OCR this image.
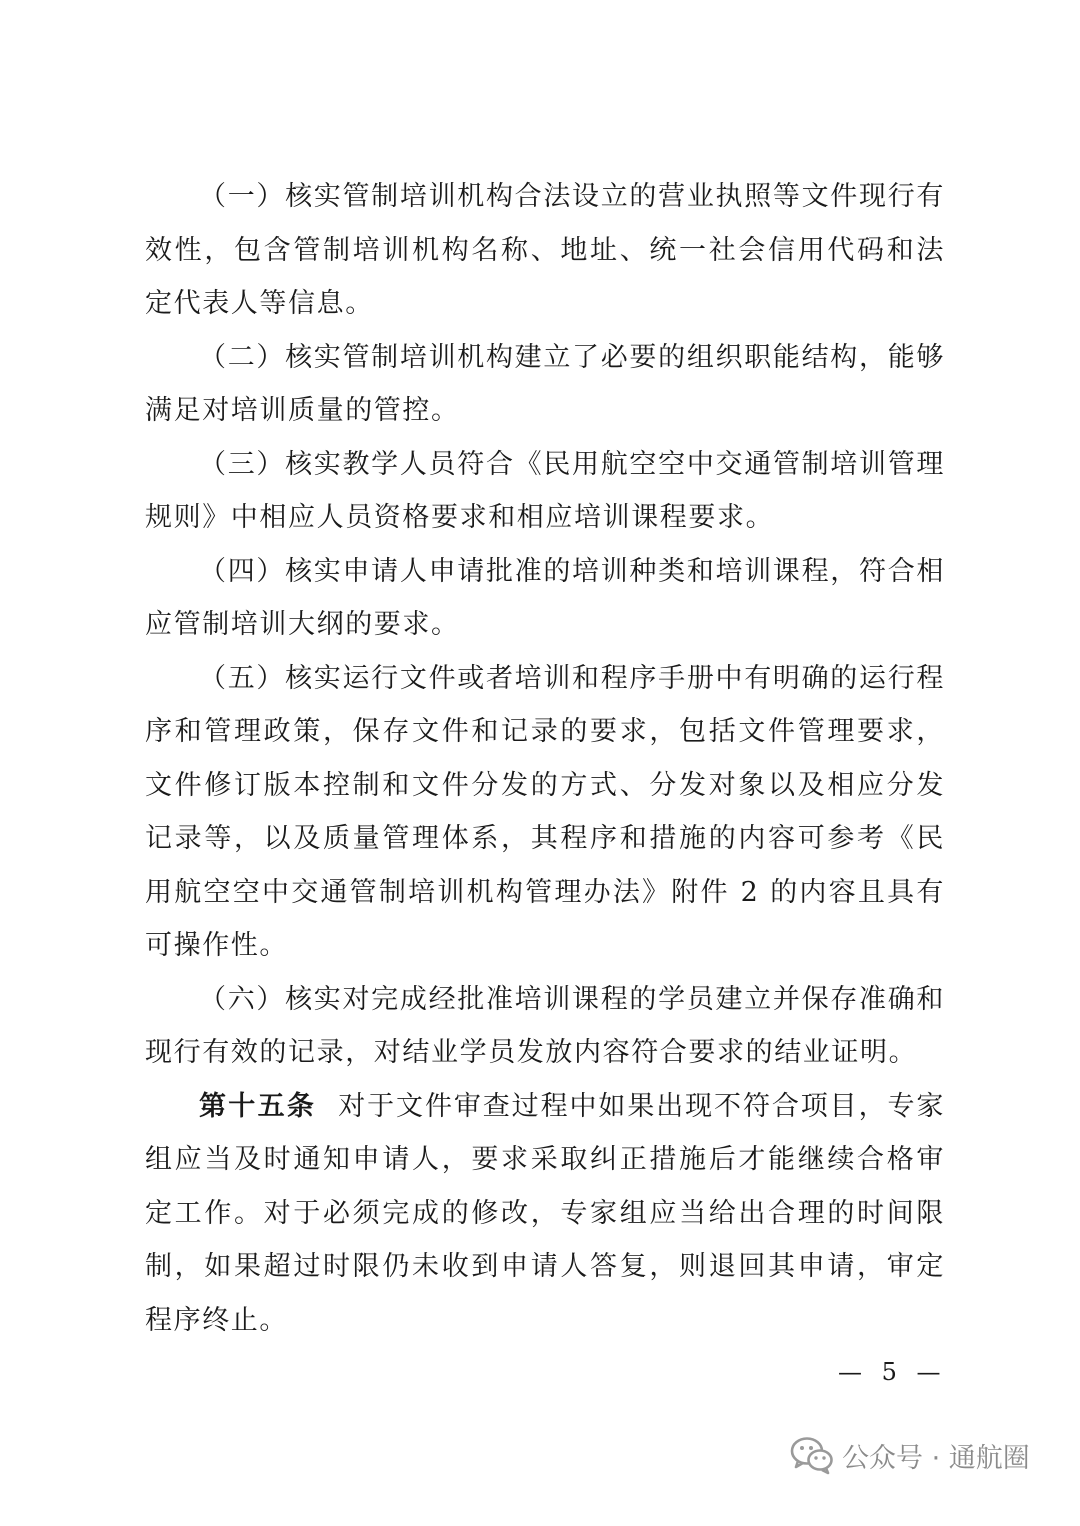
（一）核实管制培训机构合法设立的营业执照等文件现行有效性，包含管制培训机构名称、地址、统一社会信用代码和法定代表人等信息。

（二）核实管制培训机构建立了必要的组织职能结构，能够满足对培训质量的管控。

（三）核实教学人员符合《民用航空空中交通管制培训管理规则》中相应人员资格要求和相应培训课程要求。

（四）核实申请人申请批准的培训种类和培训课程，符合相应管制培训大纲的要求。

（五）核实运行文件或者培训和程序手册中有明确的运行程序和管理政策，保存文件和记录的要求，包括文件管理要求，文件修订版本控制和文件分发的方式、分发对象以及相应分发记录等，以及质量管理体系，其程序和措施的内容可参考《民用航空空中交通管制培训机构管理办法》附件 2 的内容且具有可操作性。

（六）核实对完成经批准培训课程的学员建立并保存准确和现行有效的记录，对结业学员发放内容符合要求的结业证明。

第十五条 对于文件审查过程中如果出现不符合项目，专家组应当及时通知申请人，要求采取纠正措施后才能继续合格审定工作。对于必须完成的修改，专家组应当给出合理的时间限制，如果超过时限仍未收到申请人答复，则退回其申请，审定程序终止。

— 5 —
公众号 · 通航圈
